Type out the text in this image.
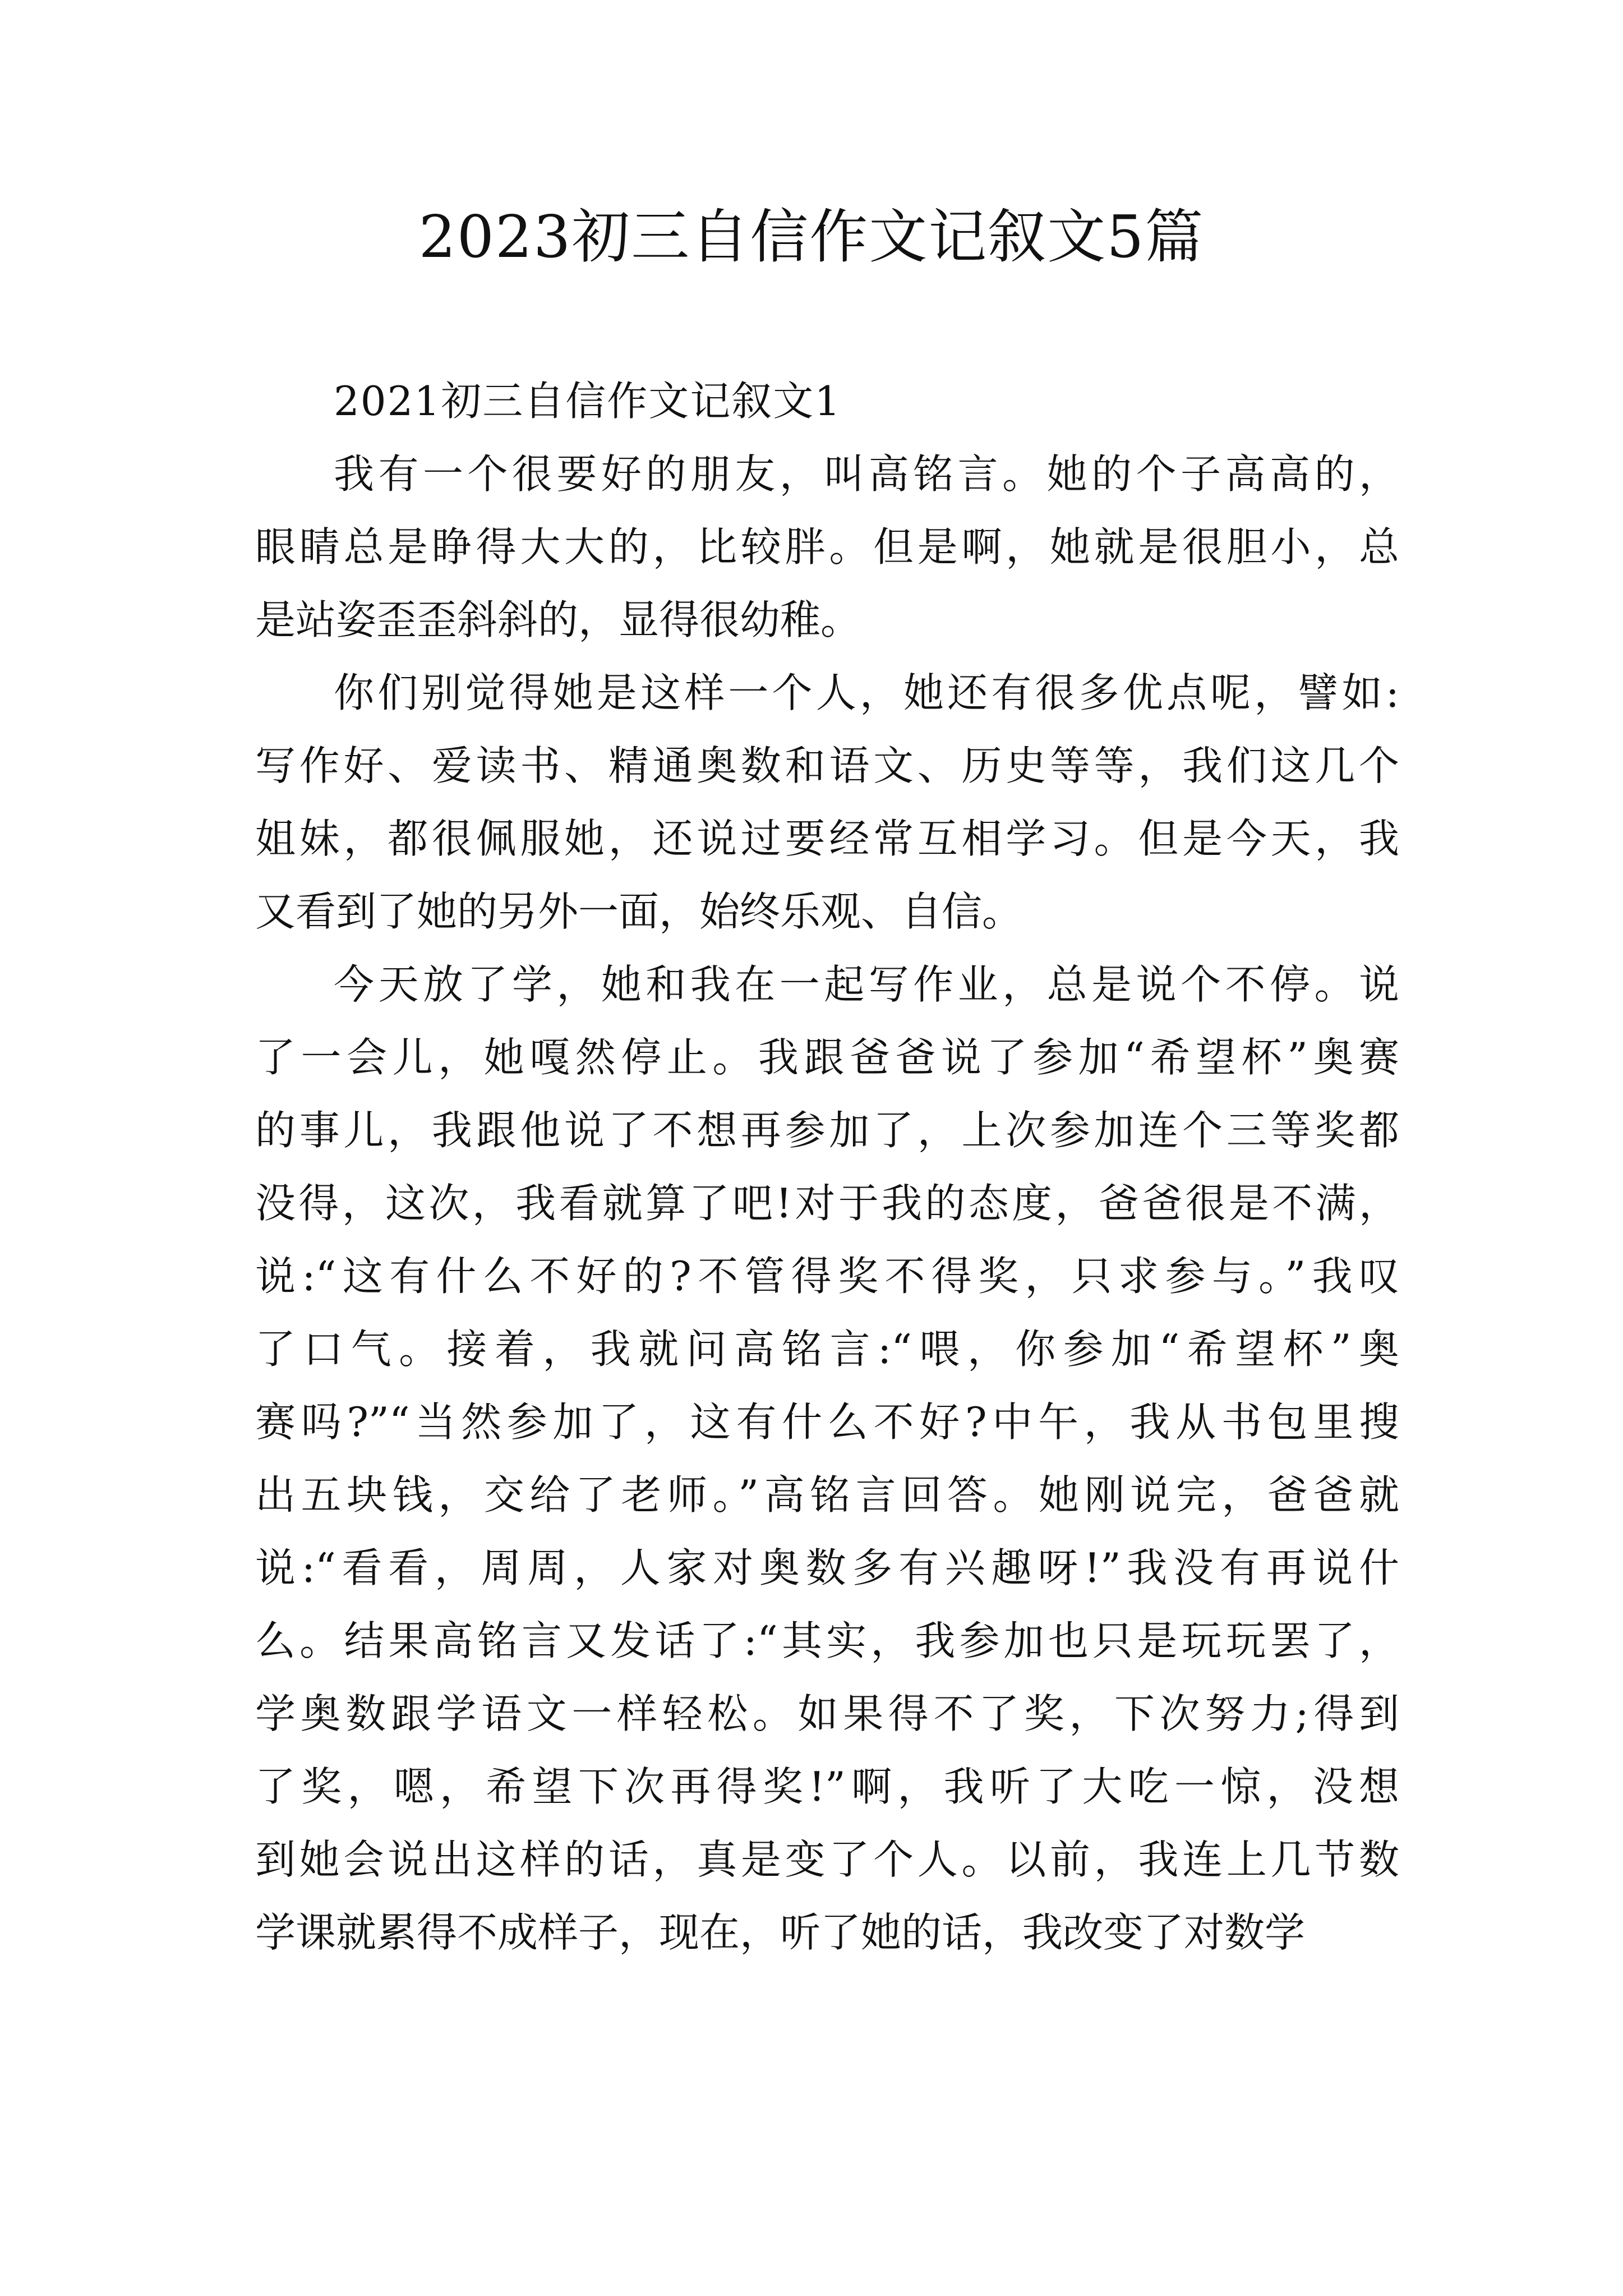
2023初三自信作文记叙文5篇
2021初三自信作文记叙文1
我有一个很要好的朋友，叫高铭言。她的个子高高的，
眼睛总是睁得大大的，比较胖。但是啊，她就是很胆小，总
是站姿歪歪斜斜的，显得很幼稚。
你们别觉得她是这样一个人，她还有很多优点呢，譬如:
写作好、爱读书、精通奥数和语文、历史等等，我们这几个
姐妹，都很佩服她，还说过要经常互相学习。但是今天，我
又看到了她的另外一面，始终乐观、自信。
今天放了学，她和我在一起写作业，总是说个不停。说
了一会儿，她嘎然停止。我跟爸爸说了参加“希望杯”奥赛
的事儿，我跟他说了不想再参加了，上次参加连个三等奖都
没得，这次，我看就算了吧!对于我的态度，爸爸很是不满，
说:“这有什么不好的?不管得奖不得奖，只求参与。”我叹
了口气。接着，我就问高铭言:“喂，你参加“希望杯”奥
赛吗?”“当然参加了，这有什么不好?中午，我从书包里搜
出五块钱，交给了老师。”高铭言回答。她刚说完，爸爸就
说:“看看，周周，人家对奥数多有兴趣呀!”我没有再说什
么。结果高铭言又发话了:“其实，我参加也只是玩玩罢了，
学奥数跟学语文一样轻松。如果得不了奖，下次努力;得到
了奖，嗯，希望下次再得奖!”啊，我听了大吃一惊，没想
到她会说出这样的话，真是变了个人。以前，我连上几节数
学课就累得不成样子，现在，听了她的话，我改变了对数学
